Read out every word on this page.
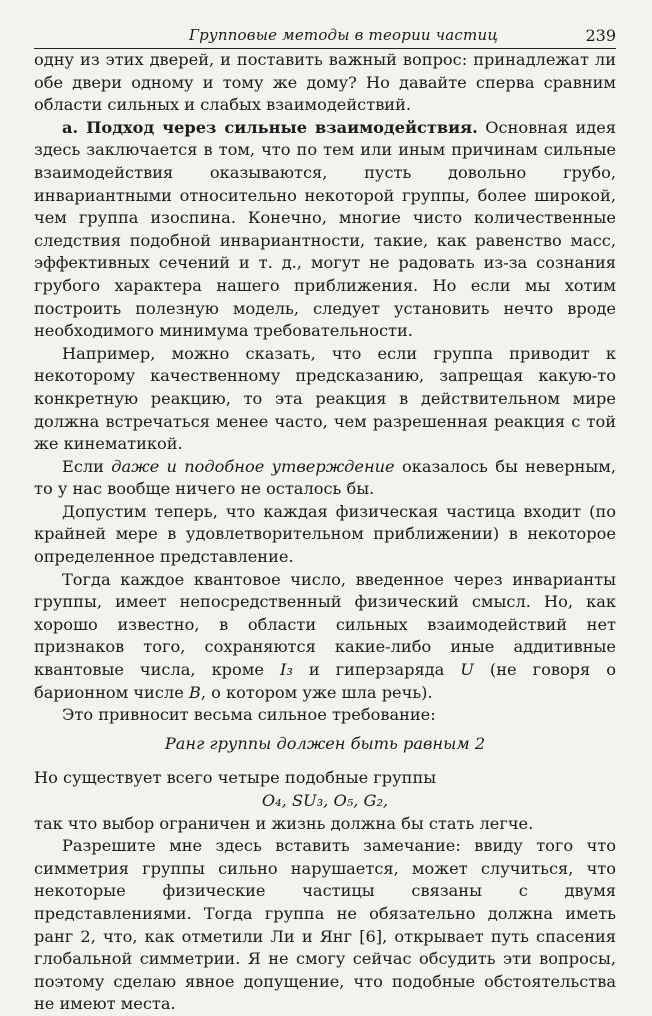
Групповые методы в теории частиц	239

одну из этих дверей, и поставить важный вопрос: принадлежат ли обе двери одному и тому же дому? Но давайте сперва сравним области сильных и слабых взаимодействий.

а. Подход через сильные взаимодействия. Основная идея здесь заключается в том, что по тем или иным причинам сильные взаимодействия оказываются, пусть довольно грубо, инвариантными относительно некоторой группы, более широкой, чем группа изоспина. Конечно, многие чисто количественные следствия подобной инвариантности, такие, как равенство масс, эффективных сечений и т. д., могут не радовать из-за сознания грубого характера нашего приближения. Но если мы хотим построить полезную модель, следует установить нечто вроде необходимого минимума требовательности.

Например, можно сказать, что если группа приводит к некоторому качественному предсказанию, запрещая какую-то конкретную реакцию, то эта реакция в действительном мире должна встречаться менее часто, чем разрешенная реакция с той же кинематикой.

Если даже и подобное утверждение оказалось бы неверным, то у нас вообще ничего не осталось бы.

Допустим теперь, что каждая физическая частица входит (по крайней мере в удовлетворительном приближении) в некоторое определенное представление.

Тогда каждое квантовое число, введенное через инварианты группы, имеет непосредственный физический смысл. Но, как хорошо известно, в области сильных взаимодействий нет признаков того, сохраняются какие-либо иные аддитивные квантовые числа, кроме I₃ и гиперзаряда U (не говоря о барионном числе B, о котором уже шла речь).

Это привносит весьма сильное требование:

Ранг группы должен быть равным 2

Но существует всего четыре подобные группы

O₄, SU₃, O₅, G₂,

так что выбор ограничен и жизнь должна бы стать легче.

Разрешите мне здесь вставить замечание: ввиду того что симметрия группы сильно нарушается, может случиться, что некоторые физические частицы связаны с двумя представлениями. Тогда группа не обязательно должна иметь ранг 2, что, как отметили Ли и Янг [6], открывает путь спасения глобальной симметрии. Я не смогу сейчас обсудить эти вопросы, поэтому сделаю явное допущение, что подобные обстоятельства не имеют места.
